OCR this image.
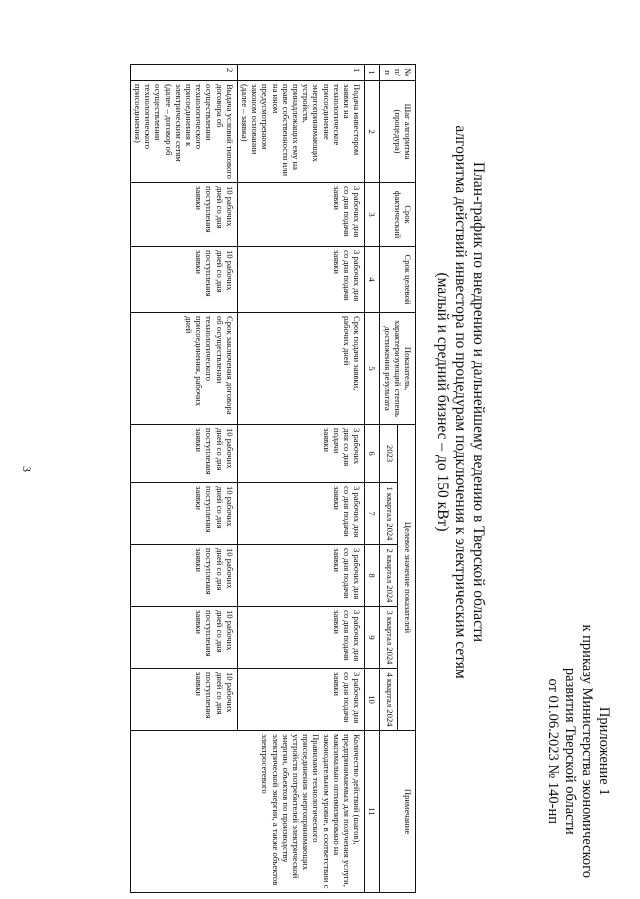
3
Приложение 1
к приказу Министерства экономического
развития Тверской области
от 01.06.2023 № 140-нп
План-график по внедрению и дальнейшему ведению в Тверской области
алгоритма действий инвестора по процедурам подключения к электрическим сетям
(малый и средний бизнес – до 150 кВт)
№ п/п	Шаг алгоритма (процедура)	Срок фактический	Срок целевой	Показатель, характеризующий степень достижения результата	Целевое значение показателей					Примечание
					2023	1 квартал 2024	2 квартал 2024	3 квартал 2024	4 квартал 2024	
1	2	3	4	5	6	7	8	9	10	11
1	Подача инвестором заявки на технологическое присоединение энергопринимающих устройств, принадлежащих ему на праве собственности или на ином предусмотренном законом основании (далее – заявка)	3 рабочих дня со дня подачи заявки	3 рабочих дня со дня подачи заявки	Срок подачи заявки, рабочих дней	3 рабочих дня со дня подачи заявки	3 рабочих дня со дня подачи заявки	3 рабочих дня со дня подачи заявки	3 рабочих дня со дня подачи заявки	3 рабочих дня со дня подачи заявки	Количество действий (шагов), предпринимаемых для получения услуги, максимально оптимизировано на законодательном уровне, в соответствии с Правилами технологического присоединения энергопринимающих устройств потребителей электрической энергии, объектов по производству электрической энергии, а также объектов электросетевого
2	Выдача условий типового договора об осуществлении технологического присоединения к электрическим сетям (далее – договор об осуществлении технологического присоединения)	10 рабочих дней со дня поступления заявки	10 рабочих дней со дня поступления заявки	Срок заключения договора об осуществлении технологического присоединения, рабочих дней	10 рабочих дней со дня поступления заявки	10 рабочих дней со дня поступления заявки	10 рабочих дней со дня поступления заявки	10 рабочих дней со дня поступления заявки	10 рабочих дней со дня поступления заявки	
